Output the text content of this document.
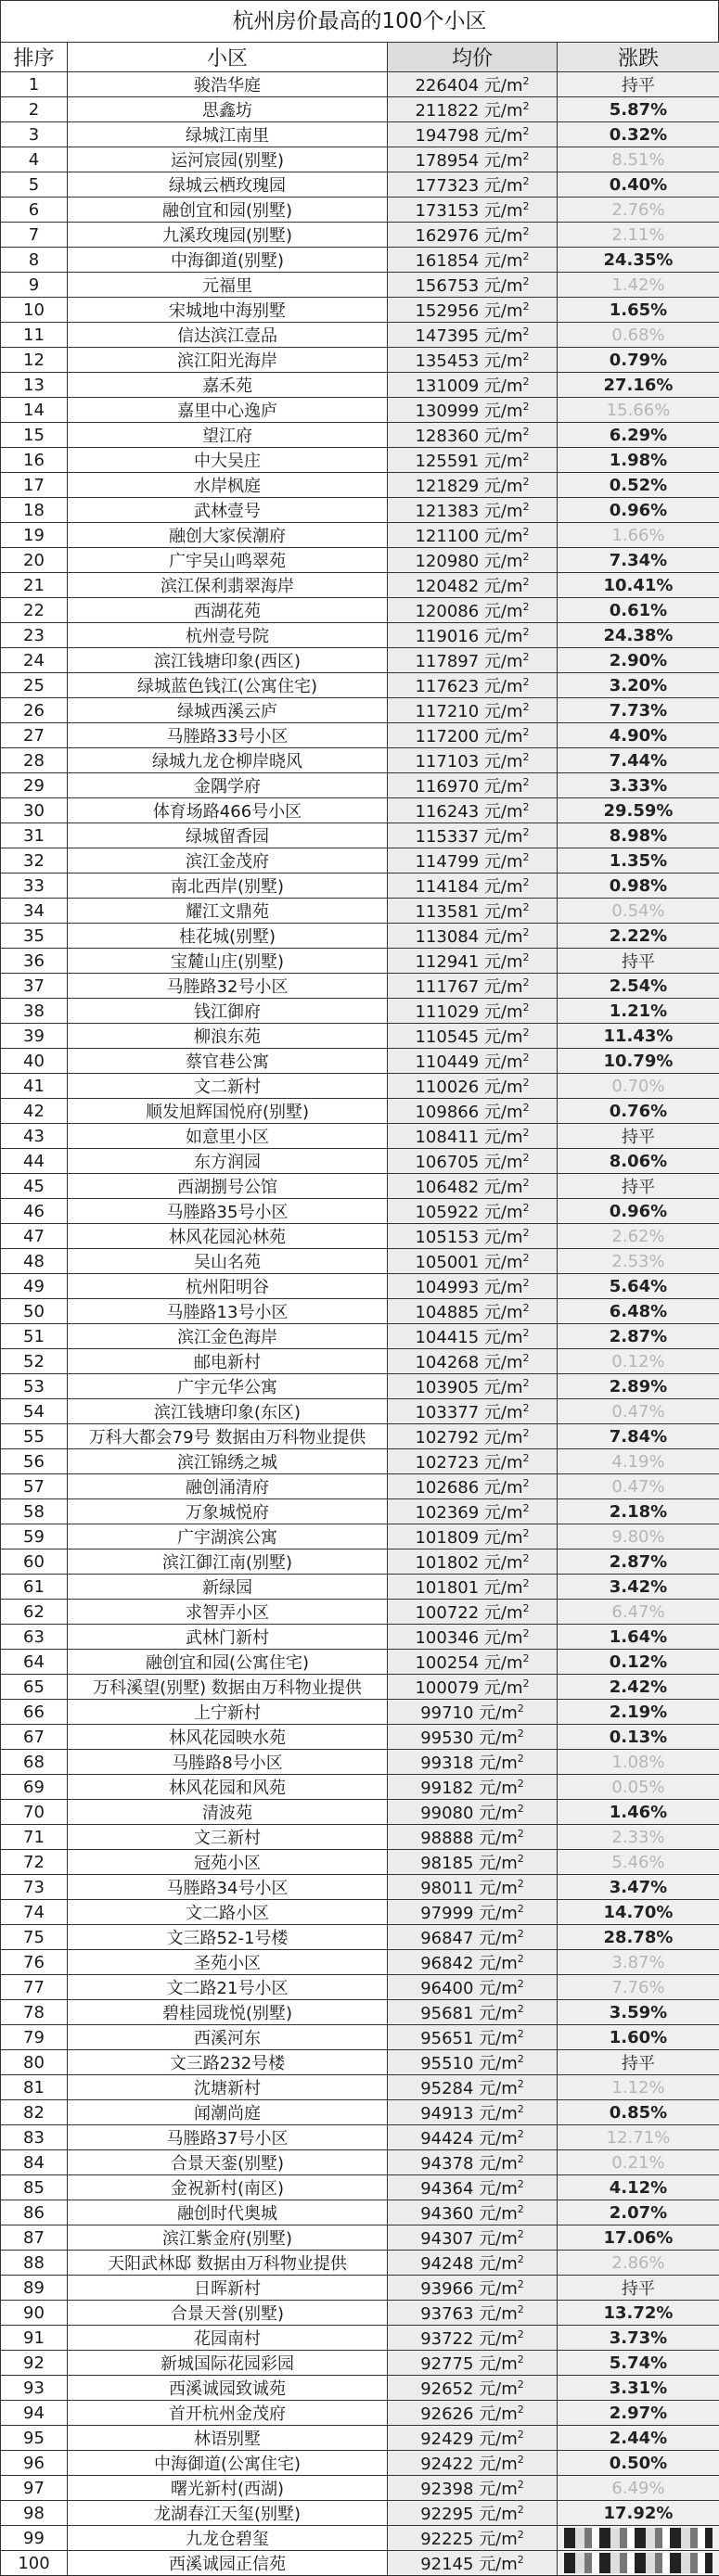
杭州房价最高的100个小区
排序	小区	均价	涨跌
1	骏浩华庭	226404 元$/m^2$	持平
2	思鑫坊	211822 元$/m^2$	5.87%
3	绿城江南里	194798 元$/m^2$	0.32%
4	运河宸园(别墅)	178954 元$/m^2$	8.51%
5	绿城云栖玫瑰园	177323 元$/m^2$	0.40%
6	融创宜和园(别墅)	173153 元$/m^2$	2.76%
7	九溪玫瑰园(别墅)	162976 元$/m^2$	2.11%
8	中海御道(别墅)	161854 元$/m^2$	24.35%
9	元福里	156753 元$/m^2$	1.42%
10	宋城地中海别墅	152956 元$/m^2$	1.65%
11	信达滨江壹品	147395 元$/m^2$	0.68%
12	滨江阳光海岸	135453 元$/m^2$	0.79%
13	嘉禾苑	131009 元$/m^2$	27.16%
14	嘉里中心逸庐	130999 元$/m^2$	15.66%
15	望江府	128360 元$/m^2$	6.29%
16	中大吴庄	125591 元$/m^2$	1.98%
17	水岸枫庭	121829 元$/m^2$	0.52%
18	武林壹号	121383 元$/m^2$	0.96%
19	融创大家侯潮府	121100 元$/m^2$	1.66%
20	广宇吴山鸣翠苑	120980 元$/m^2$	7.34%
21	滨江保利翡翠海岸	120482 元$/m^2$	10.41%
22	西湖花苑	120086 元$/m^2$	0.61%
23	杭州壹号院	119016 元$/m^2$	24.38%
24	滨江钱塘印象(西区)	117897 元$/m^2$	2.90%
25	绿城蓝色钱江(公寓住宅)	117623 元$/m^2$	3.20%
26	绿城西溪云庐	117210 元$/m^2$	7.73%
27	马塍路33号小区	117200 元$/m^2$	4.90%
28	绿城九龙仓柳岸晓风	117103 元$/m^2$	7.44%
29	金隅学府	116970 元$/m^2$	3.33%
30	体育场路466号小区	116243 元$/m^2$	29.59%
31	绿城留香园	115337 元$/m^2$	8.98%
32	滨江金茂府	114799 元$/m^2$	1.35%
33	南北西岸(别墅)	114184 元$/m^2$	0.98%
34	耀江文鼎苑	113581 元$/m^2$	0.54%
35	桂花城(别墅)	113084 元$/m^2$	2.22%
36	宝麓山庄(别墅)	112941 元$/m^2$	持平
37	马塍路32号小区	111767 元$/m^2$	2.54%
38	钱江御府	111029 元$/m^2$	1.21%
39	柳浪东苑	110545 元$/m^2$	11.43%
40	蔡官巷公寓	110449 元$/m^2$	10.79%
41	文二新村	110026 元$/m^2$	0.70%
42	顺发旭辉国悦府(别墅)	109866 元$/m^2$	0.76%
43	如意里小区	108411 元$/m^2$	持平
44	东方润园	106705 元$/m^2$	8.06%
45	西湖捌号公馆	106482 元$/m^2$	持平
46	马塍路35号小区	105922 元$/m^2$	0.96%
47	林风花园沁林苑	105153 元$/m^2$	2.62%
48	吴山名苑	105001 元$/m^2$	2.53%
49	杭州阳明谷	104993 元$/m^2$	5.64%
50	马塍路13号小区	104885 元$/m^2$	6.48%
51	滨江金色海岸	104415 元$/m^2$	2.87%
52	邮电新村	104268 元$/m^2$	0.12%
53	广宇元华公寓	103905 元$/m^2$	2.89%
54	滨江钱塘印象(东区)	103377 元$/m^2$	0.47%
55	万科大都会79号 数据由万科物业提供	102792 元$/m^2$	7.84%
56	滨江锦绣之城	102723 元$/m^2$	4.19%
57	融创涌清府	102686 元$/m^2$	0.47%
58	万象城悦府	102369 元$/m^2$	2.18%
59	广宇湖滨公寓	101809 元$/m^2$	9.80%
60	滨江御江南(别墅)	101802 元$/m^2$	2.87%
61	新绿园	101801 元$/m^2$	3.42%
62	求智弄小区	100722 元$/m^2$	6.47%
63	武林门新村	100346 元$/m^2$	1.64%
64	融创宜和园(公寓住宅)	100254 元$/m^2$	0.12%
65	万科溪望(别墅) 数据由万科物业提供	100079 元$/m^2$	2.42%
66	上宁新村	99710 元$/m^2$	2.19%
67	林风花园映水苑	99530 元$/m^2$	0.13%
68	马塍路8号小区	99318 元$/m^2$	1.08%
69	林风花园和风苑	99182 元$/m^2$	0.05%
70	清波苑	99080 元$/m^2$	1.46%
71	文三新村	98888 元$/m^2$	2.33%
72	冠苑小区	98185 元$/m^2$	5.46%
73	马塍路34号小区	98011 元$/m^2$	3.47%
74	文二路小区	97999 元$/m^2$	14.70%
75	文三路52-1号楼	96847 元$/m^2$	28.78%
76	圣苑小区	96842 元$/m^2$	3.87%
77	文二路21号小区	96400 元$/m^2$	7.76%
78	碧桂园珑悦(别墅)	95681 元$/m^2$	3.59%
79	西溪河东	95651 元$/m^2$	1.60%
80	文三路232号楼	95510 元$/m^2$	持平
81	沈塘新村	95284 元$/m^2$	1.12%
82	闻潮尚庭	94913 元$/m^2$	0.85%
83	马塍路37号小区	94424 元$/m^2$	12.71%
84	合景天銮(别墅)	94378 元$/m^2$	0.21%
85	金祝新村(南区)	94364 元$/m^2$	4.12%
86	融创时代奥城	94360 元$/m^2$	2.07%
87	滨江紫金府(别墅)	94307 元$/m^2$	17.06%
88	天阳武林邸 数据由万科物业提供	94248 元$/m^2$	2.86%
89	日晖新村	93966 元$/m^2$	持平
90	合景天誉(别墅)	93763 元$/m^2$	13.72%
91	花园南村	93722 元$/m^2$	3.73%
92	新城国际花园彩园	92775 元$/m^2$	5.74%
93	西溪诚园致诚苑	92652 元$/m^2$	3.31%
94	首开杭州金茂府	92626 元$/m^2$	2.97%
95	林语别墅	92429 元$/m^2$	2.44%
96	中海御道(公寓住宅)	92422 元$/m^2$	0.50%
97	曙光新村(西湖)	92398 元$/m^2$	6.49%
98	龙湖春江天玺(别墅)	92295 元$/m^2$	17.92%
99	九龙仓碧玺	92225 元$/m^2$	
100	西溪诚园正信苑	92145 元$/m^2$	
